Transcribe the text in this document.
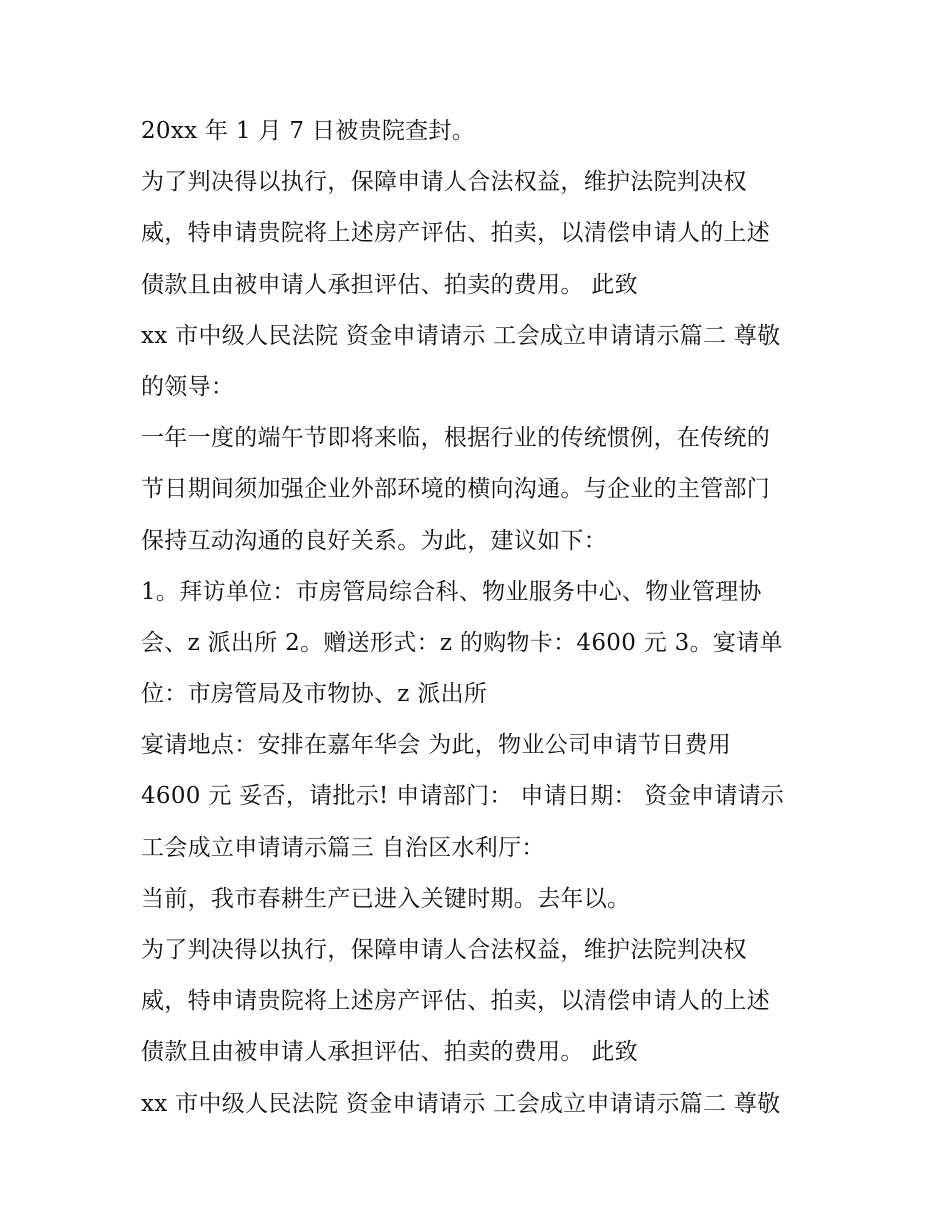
20xx 年 1 月 7 日被贵院查封。
为了判决得以执行，保障申请人合法权益，维护法院判决权
威，特申请贵院将上述房产评估、拍卖，以清偿申请人的上述
债款且由被申请人承担评估、拍卖的费用。 此致
xx 市中级人民法院 资金申请请示 工会成立申请请示篇二 尊敬
的领导：
一年一度的端午节即将来临，根据行业的传统惯例，在传统的
节日期间须加强企业外部环境的横向沟通。与企业的主管部门
保持互动沟通的良好关系。为此，建议如下：
1。拜访单位：市房管局综合科、物业服务中心、物业管理协
会、z 派出所 2。赠送形式：z 的购物卡：4600 元 3。宴请单
位：市房管局及市物协、z 派出所
宴请地点：安排在嘉年华会 为此，物业公司申请节日费用
4600 元 妥否，请批示! 申请部门： 申请日期： 资金申请请示
工会成立申请请示篇三 自治区水利厅：
当前，我市春耕生产已进入关键时期。去年以。
为了判决得以执行，保障申请人合法权益，维护法院判决权
威，特申请贵院将上述房产评估、拍卖，以清偿申请人的上述
债款且由被申请人承担评估、拍卖的费用。 此致
xx 市中级人民法院 资金申请请示 工会成立申请请示篇二 尊敬
